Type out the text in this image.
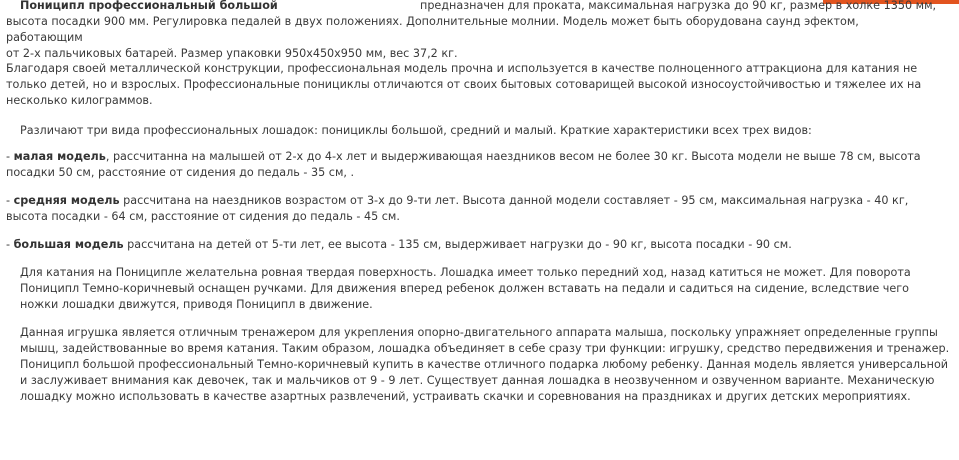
Пониципл профессиональный большой	предназначен для проката, максимальная нагрузка до 90 кг, размер в холке 1350 мм,

высота посадки 900 мм. Регулировка педалей в двух положениях. Дополнительные молнии. Модель может быть оборудована саунд эфектом, работающим

от 2-х пальчиковых батарей. Размер упаковки 950х450х950 мм, вес 37,2 кг.

Благодаря своей металлической конструкции, профессиональная модель прочна и используется в качестве полноценного аттракциона для катания не только детей, но и взрослых. Профессиональные понициклы отличаются от своих бытовых сотоварищей высокой износоустойчивостью и тяжелее их на несколько килограммов.

Различают три вида профессиональных лошадок: понициклы большой, средний и малый. Краткие характеристики всех трех видов:

- малая модель, рассчитанна на малышей от 2-х до 4-х лет и выдерживающая наездников весом не более 30 кг. Высота модели не выше 78 см, высота посадки 50 см, расстояние от сидения до педаль - 35 см, .

- средняя модель рассчитана на наездников возрастом от 3-х до 9-ти лет. Высота данной модели составляет - 95 см, максимальная нагрузка - 40 кг, высота посадки - 64 см, расстояние от сидения до педаль - 45 см.

- большая модель рассчитана на детей от 5-ти лет, ее высота - 135 см, выдерживает нагрузки до - 90 кг, высота посадки - 90 см.

Для катания на Пониципле желательна ровная твердая поверхность. Лошадка имеет только передний ход, назад катиться не может. Для поворота Пониципл Темно-коричневый оснащен ручками. Для движения вперед ребенок должен вставать на педали и садиться на сидение, вследствие чего ножки лошадки движутся, приводя Пониципл в движение.

Данная игрушка является отличным тренажером для укрепления опорно-двигательного аппарата малыша, поскольку упражняет определенные группы мышц, задействованные во время катания. Таким образом, лошадка объединяет в себе сразу три функции: игрушку, средство передвижения и тренажер. Пониципл большой профессиональный Темно-коричневый купить в качестве отличного подарка любому ребенку. Данная модель является универсальной и заслуживает внимания как девочек, так и мальчиков от 9 - 9 лет. Существует данная лошадка в неозвученном и озвученном варианте. Механическую лошадку можно использовать в качестве азартных развлечений, устраивать скачки и соревнования на праздниках и других детских мероприятиях.
